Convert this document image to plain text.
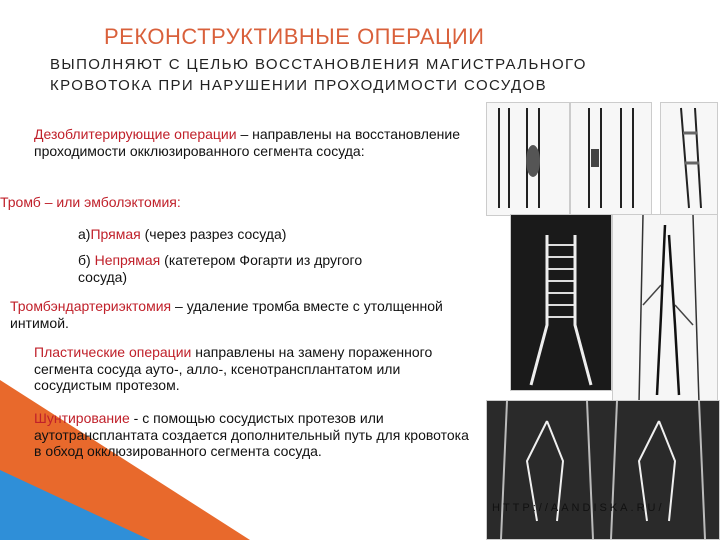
РЕКОНСТРУКТИВНЫЕ ОПЕРАЦИИ
ВЫПОЛНЯЮТ С ЦЕЛЬЮ ВОССТАНОВЛЕНИЯ МАГИСТРАЛЬНОГО КРОВОТОКА ПРИ НАРУШЕНИИ ПРОХОДИМОСТИ СОСУДОВ
HTTP://AANDISKA.RU/
Дезоблитерирующие операции – направлены на восстановление проходимости окклюзированного сегмента сосуда:
Тромб – или эмболэктомия:
а)Прямая (через разрез сосуда)
б) Непрямая (катетером Фогарти из другого сосуда)
Тромбэндартериэктомия – удаление тромба вместе с утолщенной интимой.
Пластические операции направлены на замену пораженного сегмента сосуда ауто-, алло-, ксенотрансплантатом или сосудистым протезом.
Шунтирование - с помощью сосудистых протезов или аутотрансплантата создается дополнительный путь для кровотока в обход окклюзированного сегмента сосуда.
